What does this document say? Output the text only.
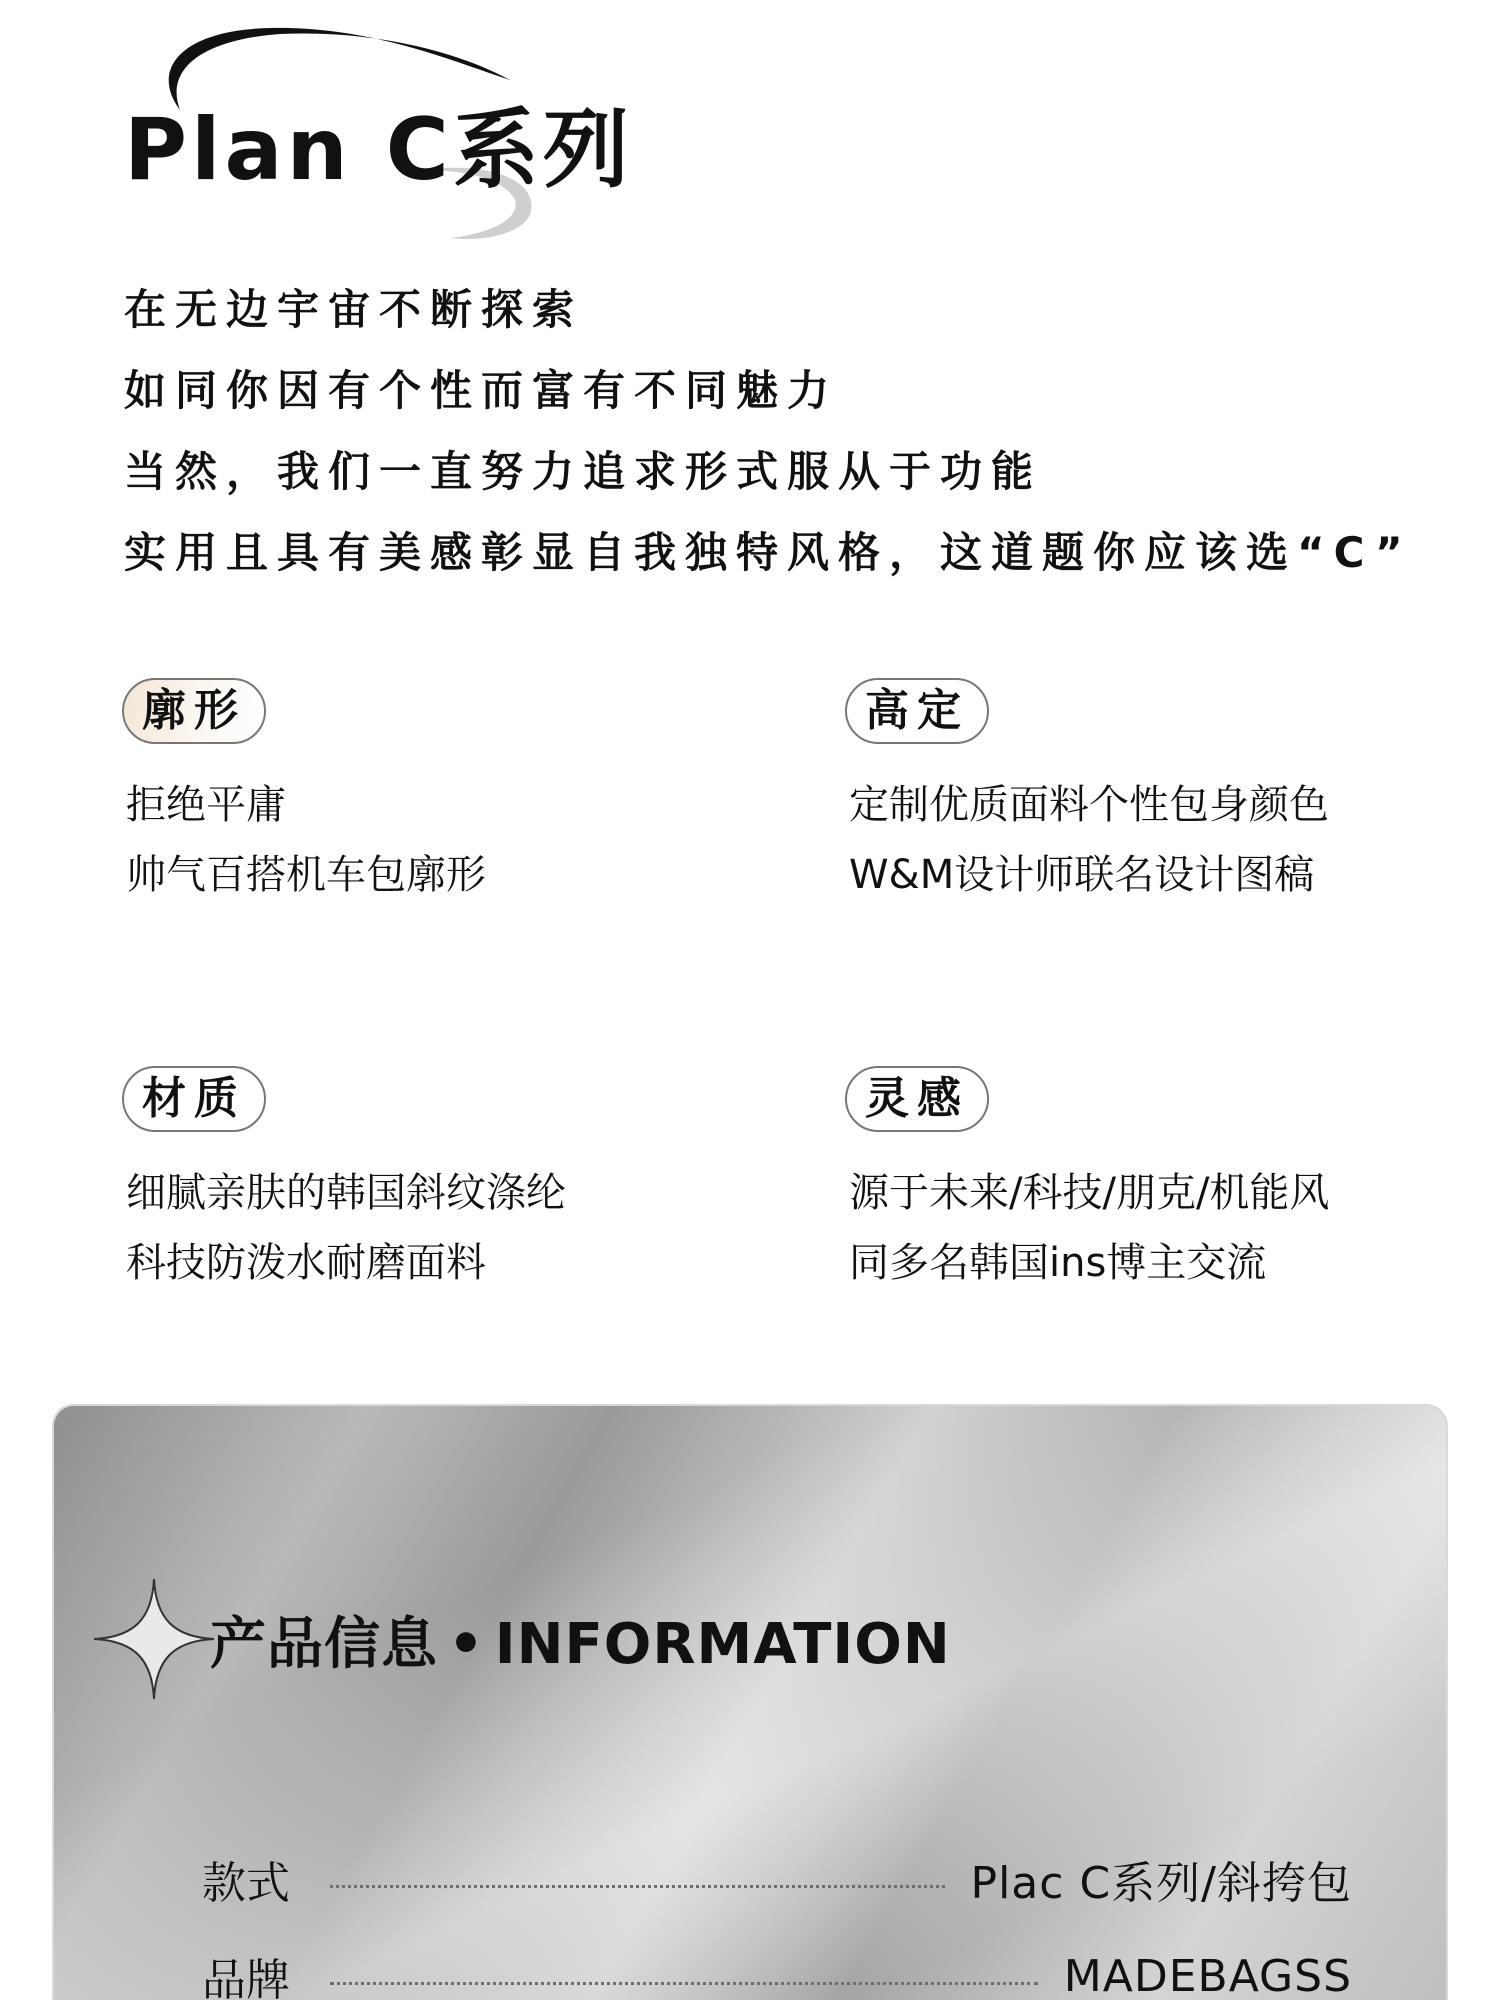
Plan C系列
在无边宇宙不断探索
如同你因有个性而富有不同魅力
当然，我们一直努力追求形式服从于功能
实用且具有美感彰显自我独特风格，这道题你应该选“C”
廓形
拒绝平庸
帅气百搭机车包廓形
高定
定制优质面料个性包身颜色
W&M设计师联名设计图稿
材质
细腻亲肤的韩国斜纹涤纶
科技防泼水耐磨面料
灵感
源于未来/科技/朋克/机能风
同多名韩国ins博主交流
产品信息 • INFORMATION
款式	Plac C系列/斜挎包
品牌	MADEBAGSS
